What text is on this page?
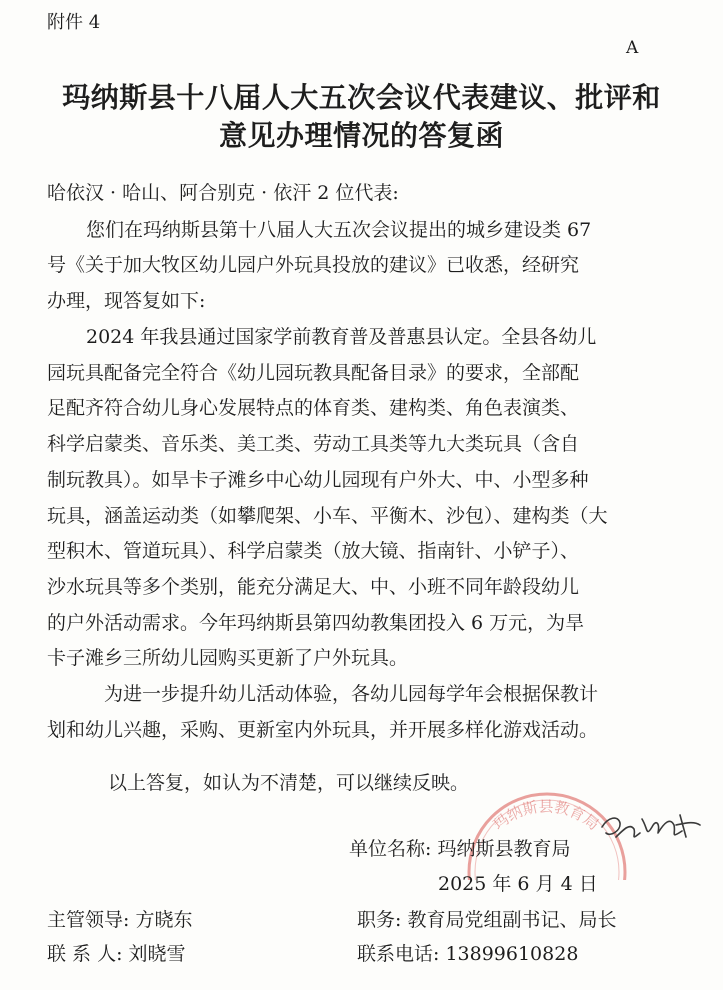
附件 4
A
玛纳斯县十八届人大五次会议代表建议、批评和
意见办理情况的答复函
哈依汉 · 哈山、阿合别克 · 依汗 2 位代表:
您们在玛纳斯县第十八届人大五次会议提出的城乡建设类 67
号《关于加大牧区幼儿园户外玩具投放的建议》已收悉，经研究
办理，现答复如下:
2024 年我县通过国家学前教育普及普惠县认定。全县各幼儿
园玩具配备完全符合《幼儿园玩教具配备目录》的要求，全部配
足配齐符合幼儿身心发展特点的体育类、建构类、角色表演类、
科学启蒙类、音乐类、美工类、劳动工具类等九大类玩具（含自
制玩教具）。如旱卡子滩乡中心幼儿园现有户外大、中、小型多种
玩具，涵盖运动类（如攀爬架、小车、平衡木、沙包）、建构类（大
型积木、管道玩具）、科学启蒙类（放大镜、指南针、小铲子）、
沙水玩具等多个类别，能充分满足大、中、小班不同年龄段幼儿
的户外活动需求。今年玛纳斯县第四幼教集团投入 6 万元，为旱
卡子滩乡三所幼儿园购买更新了户外玩具。
为进一步提升幼儿活动体验，各幼儿园每学年会根据保教计
划和幼儿兴趣，采购、更新室内外玩具，并开展多样化游戏活动。
以上答复，如认为不清楚，可以继续反映。
玛纳斯县教育局
单位名称: 玛纳斯县教育局
2025 年 6 月 4 日
主管领导: 方晓东	职务: 教育局党组副书记、局长
联 系 人: 刘晓雪	联系电话: 13899610828
